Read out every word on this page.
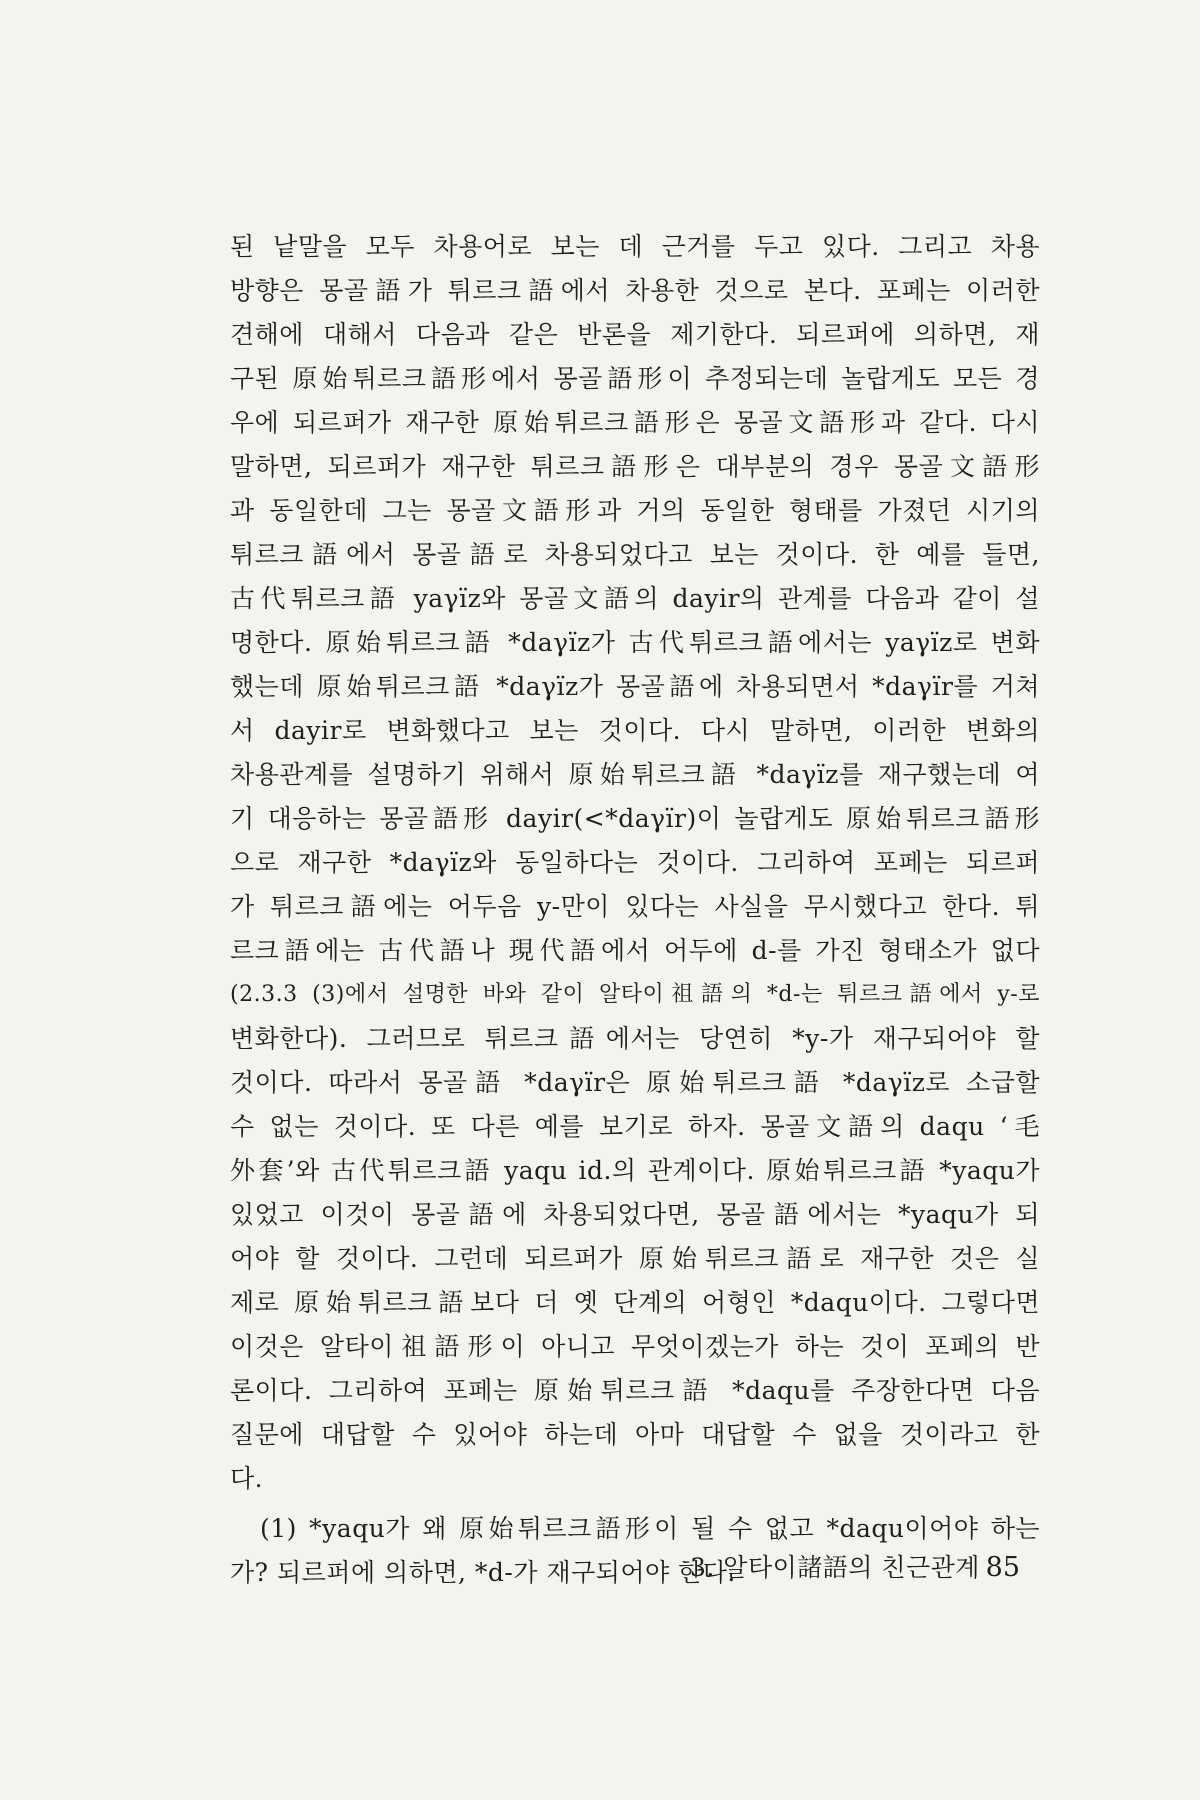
된 낱말을 모두 차용어로 보는 데 근거를 두고 있다. 그리고 차용
방향은 몽골語가 튀르크語에서 차용한 것으로 본다. 포페는 이러한
견해에 대해서 다음과 같은 반론을 제기한다. 되르퍼에 의하면, 재
구된 原始튀르크語形에서 몽골語形이 추정되는데 놀랍게도 모든 경
우에 되르퍼가 재구한 原始튀르크語形은 몽골文語形과 같다. 다시
말하면, 되르퍼가 재구한 튀르크語形은 대부분의 경우 몽골文語形
과 동일한데 그는 몽골文語形과 거의 동일한 형태를 가졌던 시기의
튀르크語에서 몽골語로 차용되었다고 보는 것이다. 한 예를 들면,
古代튀르크語 yaγïz와 몽골文語의 dayir의 관계를 다음과 같이 설
명한다. 原始튀르크語 *daγïz가 古代튀르크語에서는 yaγïz로 변화
했는데 原始튀르크語 *daγïz가 몽골語에 차용되면서 *daγïr를 거쳐
서 dayir로 변화했다고 보는 것이다. 다시 말하면, 이러한 변화의
차용관계를 설명하기 위해서 原始튀르크語 *daγïz를 재구했는데 여
기 대응하는 몽골語形 dayir(<*daγïr)이 놀랍게도 原始튀르크語形
으로 재구한 *daγïz와 동일하다는 것이다. 그리하여 포페는 되르퍼
가 튀르크語에는 어두음 y-만이 있다는 사실을 무시했다고 한다. 튀
르크語에는 古代語나 現代語에서 어두에 d-를 가진 형태소가 없다
(2.3.3 (3)에서 설명한 바와 같이 알타이祖語의 *d-는 튀르크語에서 y-로
변화한다). 그러므로 튀르크語에서는 당연히 *y-가 재구되어야 할
것이다. 따라서 몽골語 *daγïr은 原始튀르크語 *daγïz로 소급할
수 없는 것이다. 또 다른 예를 보기로 하자. 몽골文語의 daqu ‘毛
外套’와 古代튀르크語 yaqu id.의 관계이다. 原始튀르크語 *yaqu가
있었고 이것이 몽골語에 차용되었다면, 몽골語에서는 *yaqu가 되
어야 할 것이다. 그런데 되르퍼가 原始튀르크語로 재구한 것은 실
제로 原始튀르크語보다 더 옛 단계의 어형인 *daqu이다. 그렇다면
이것은 알타이祖語形이 아니고 무엇이겠는가 하는 것이 포페의 반
론이다. 그리하여 포페는 原始튀르크語 *daqu를 주장한다면 다음
질문에 대답할 수 있어야 하는데 아마 대답할 수 없을 것이라고 한
다.
(1) *yaqu가 왜 原始튀르크語形이 될 수 없고 *daqu이어야 하는
가? 되르퍼에 의하면, *d-가 재구되어야 한다.
3. 알타이諸語의 친근관계 85
